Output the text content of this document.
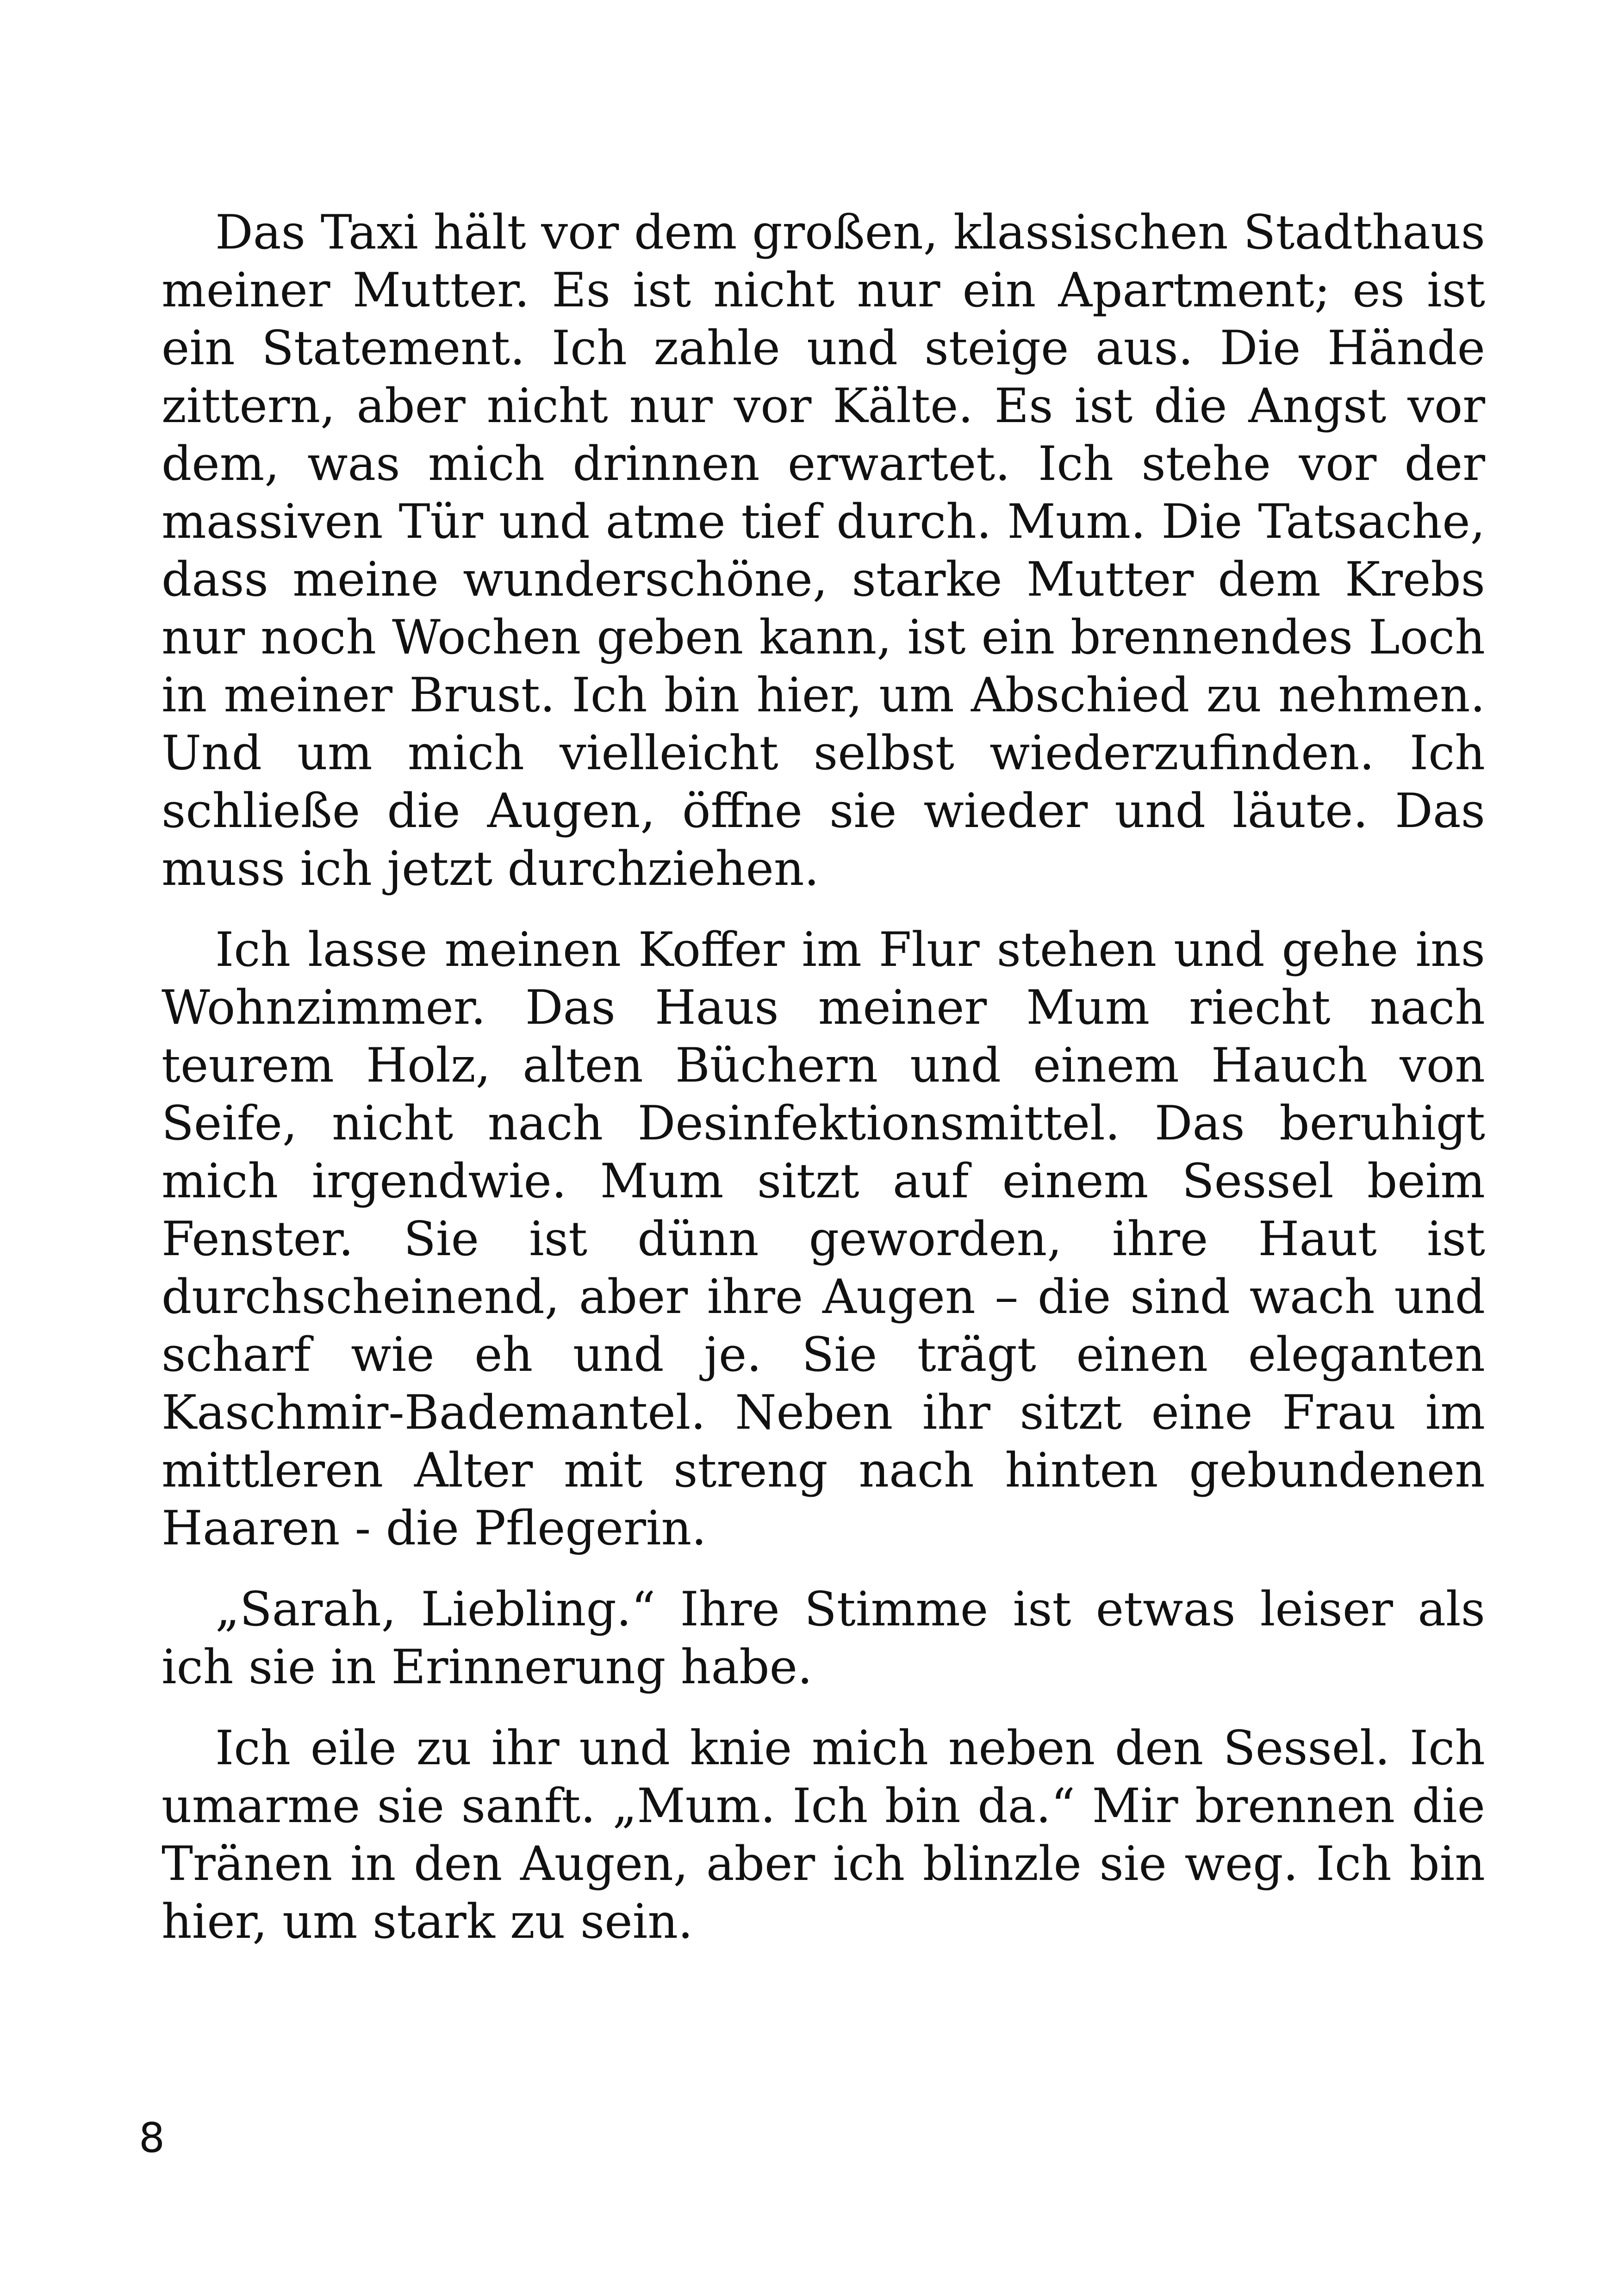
Das Taxi hält vor dem großen, klassischen Stadthaus meiner Mutter. Es ist nicht nur ein Apartment; es ist ein Statement. Ich zahle und steige aus. Die Hände zittern, aber nicht nur vor Kälte. Es ist die Angst vor dem, was mich drinnen erwartet. Ich stehe vor der massiven Tür und atme tief durch. Mum. Die Tatsache, dass meine wunderschöne, starke Mutter dem Krebs nur noch Wochen geben kann, ist ein brennendes Loch in meiner Brust. Ich bin hier, um Abschied zu nehmen. Und um mich vielleicht selbst wiederzufinden. Ich schließe die Augen, öffne sie wieder und läute. Das muss ich jetzt durchziehen.

Ich lasse meinen Koffer im Flur stehen und gehe ins Wohnzimmer. Das Haus meiner Mum riecht nach teurem Holz, alten Büchern und einem Hauch von Seife, nicht nach Desinfektionsmittel. Das beruhigt mich irgendwie. Mum sitzt auf einem Sessel beim Fenster. Sie ist dünn geworden, ihre Haut ist durchscheinend, aber ihre Augen – die sind wach und scharf wie eh und je. Sie trägt einen eleganten Kaschmir-Bademantel. Neben ihr sitzt eine Frau im mittleren Alter mit streng nach hinten gebundenen Haaren - die Pflegerin.

„Sarah, Liebling.“ Ihre Stimme ist etwas leiser als ich sie in Erinnerung habe.

Ich eile zu ihr und knie mich neben den Sessel. Ich umarme sie sanft. „Mum. Ich bin da.“ Mir brennen die Tränen in den Augen, aber ich blinzle sie weg. Ich bin hier, um stark zu sein.

8
